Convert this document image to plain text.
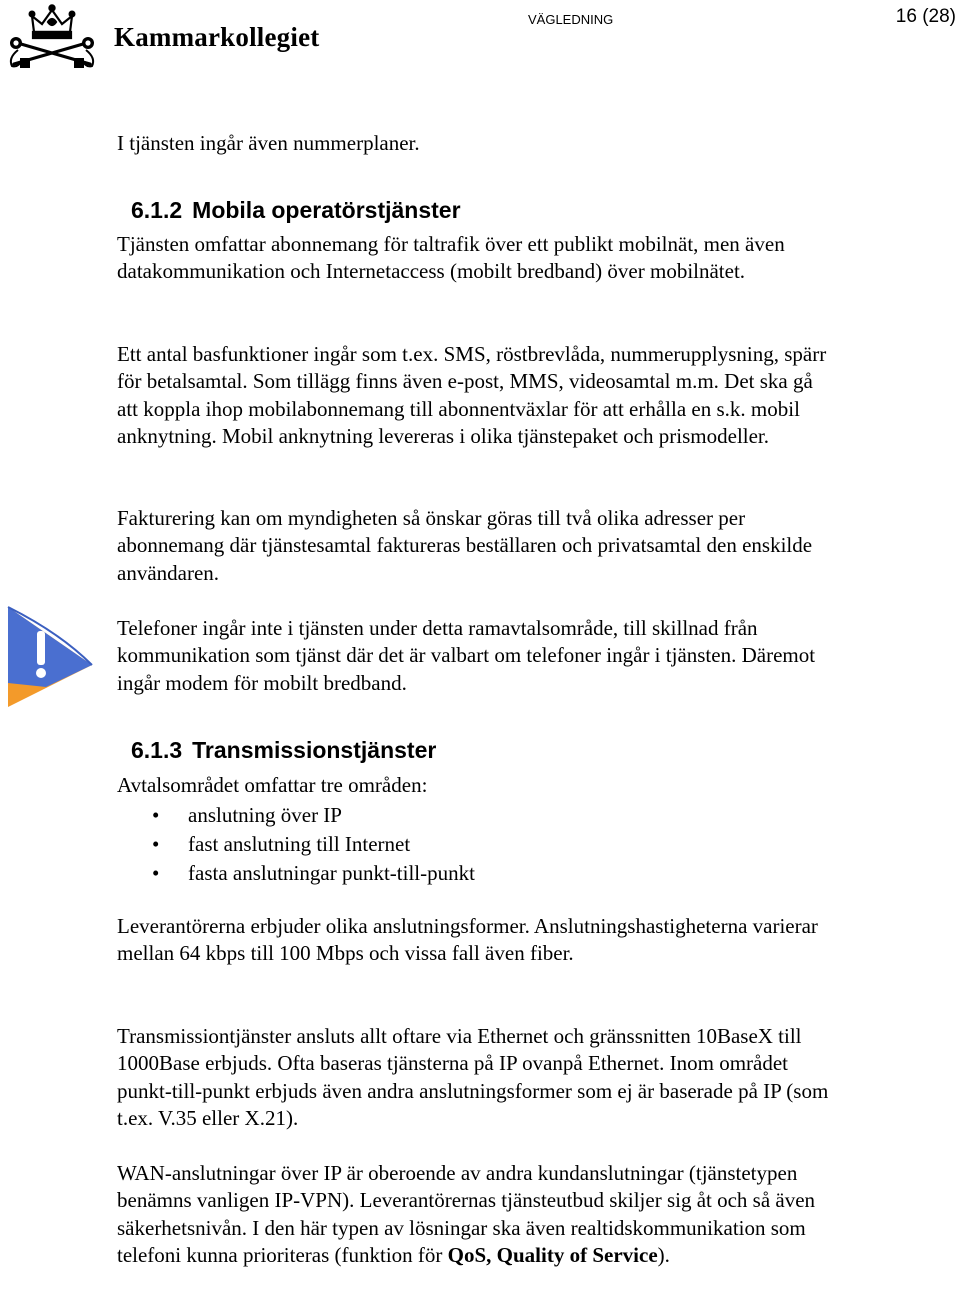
Kammarkollegiet
VÄGLEDNING	16 (28)
I tjänsten ingår även nummerplaner.
6.1.2 Mobila operatörstjänster
Tjänsten omfattar abonnemang för taltrafik över ett publikt mobilnät, men även datakommunikation och Internetaccess (mobilt bredband) över mobilnätet.
Ett antal basfunktioner ingår som t.ex. SMS, röstbrevlåda, nummerupplysning, spärr för betalsamtal. Som tillägg finns även e-post, MMS, videosamtal m.m. Det ska gå att koppla ihop mobilabonnemang till abonnentväxlar för att erhålla en s.k. mobil anknytning. Mobil anknytning levereras i olika tjänstepaket och prismodeller.
Fakturering kan om myndigheten så önskar göras till två olika adresser per abonnemang där tjänstesamtal faktureras beställaren och privatsamtal den enskilde användaren.
Telefoner ingår inte i tjänsten under detta ramavtalsområde, till skillnad från kommunikation som tjänst där det är valbart om telefoner ingår i tjänsten. Däremot ingår modem för mobilt bredband.
6.1.3 Transmissionstjänster
Avtalsområdet omfattar tre områden:
• anslutning över IP
• fast anslutning till Internet
• fasta anslutningar punkt-till-punkt
Leverantörerna erbjuder olika anslutningsformer. Anslutningshastigheterna varierar mellan 64 kbps till 100 Mbps och vissa fall även fiber.
Transmissiontjänster ansluts allt oftare via Ethernet och gränssnitten 10BaseX till 1000Base erbjuds. Ofta baseras tjänsterna på IP ovanpå Ethernet. Inom området punkt-till-punkt erbjuds även andra anslutningsformer som ej är baserade på IP (som t.ex. V.35 eller X.21).
WAN-anslutningar över IP är oberoende av andra kundanslutningar (tjänstetypen benämns vanligen IP-VPN). Leverantörernas tjänsteutbud skiljer sig åt och så även säkerhetsnivån. I den här typen av lösningar ska även realtidskommunikation som telefoni kunna prioriteras (funktion för QoS, Quality of Service).
